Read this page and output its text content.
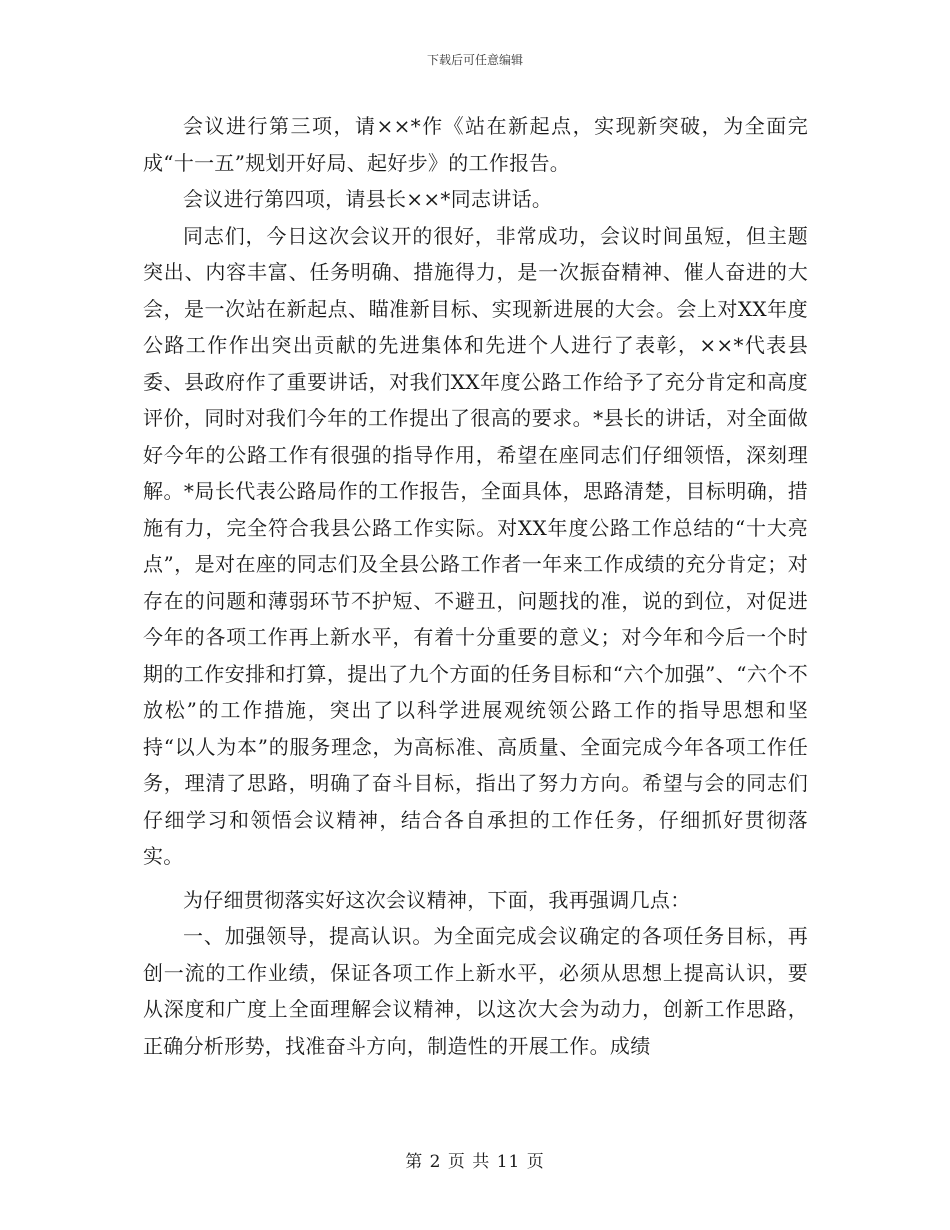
下载后可任意编辑

会议进行第三项，请××*作《站在新起点，实现新突破，为全面完成“十一五”规划开好局、起好步》的工作报告。

会议进行第四项，请县长××*同志讲话。

同志们，今日这次会议开的很好，非常成功，会议时间虽短，但主题突出、内容丰富、任务明确、措施得力，是一次振奋精神、催人奋进的大会，是一次站在新起点、瞄准新目标、实现新进展的大会。会上对XX年度公路工作作出突出贡献的先进集体和先进个人进行了表彰，××*代表县委、县政府作了重要讲话，对我们XX年度公路工作给予了充分肯定和高度评价，同时对我们今年的工作提出了很高的要求。*县长的讲话，对全面做好今年的公路工作有很强的指导作用，希望在座同志们仔细领悟，深刻理解。*局长代表公路局作的工作报告，全面具体，思路清楚，目标明确，措施有力，完全符合我县公路工作实际。对XX年度公路工作总结的“十大亮点”，是对在座的同志们及全县公路工作者一年来工作成绩的充分肯定；对存在的问题和薄弱环节不护短、不避丑，问题找的准，说的到位，对促进今年的各项工作再上新水平，有着十分重要的意义；对今年和今后一个时期的工作安排和打算，提出了九个方面的任务目标和“六个加强”、“六个不放松”的工作措施，突出了以科学进展观统领公路工作的指导思想和坚持“以人为本”的服务理念，为高标准、高质量、全面完成今年各项工作任务，理清了思路，明确了奋斗目标，指出了努力方向。希望与会的同志们仔细学习和领悟会议精神，结合各自承担的工作任务，仔细抓好贯彻落实。

为仔细贯彻落实好这次会议精神，下面，我再强调几点：

一、加强领导，提高认识。为全面完成会议确定的各项任务目标，再创一流的工作业绩，保证各项工作上新水平，必须从思想上提高认识，要从深度和广度上全面理解会议精神，以这次大会为动力，创新工作思路，正确分析形势，找准奋斗方向，制造性的开展工作。成绩

第 2 页 共 11 页
